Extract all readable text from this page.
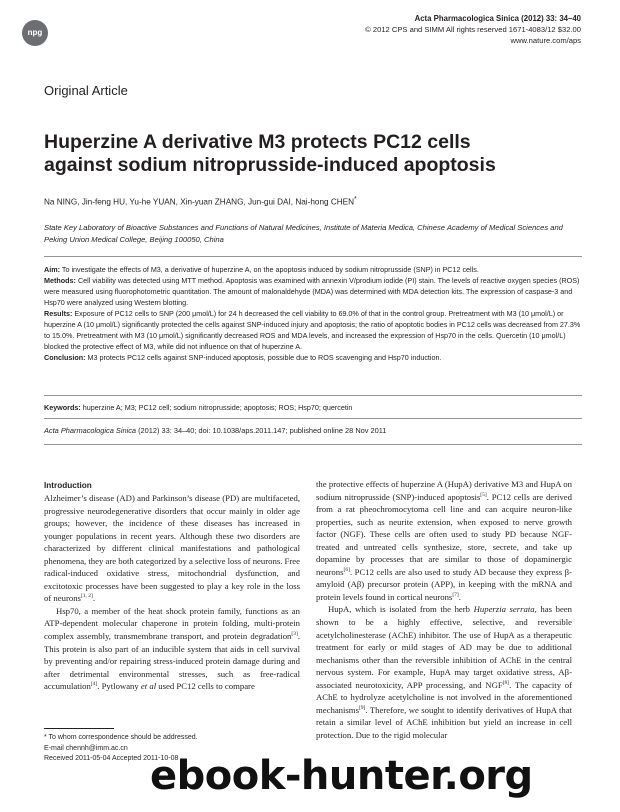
npg
Acta Pharmacologica Sinica (2012) 33: 34–40
© 2012 CPS and SIMM All rights reserved 1671-4083/12 $32.00
www.nature.com/aps
Original Article
Huperzine A derivative M3 protects PC12 cells
against sodium nitroprusside-induced apoptosis
Na NING, Jin-feng HU, Yu-he YUAN, Xin-yuan ZHANG, Jun-gui DAI, Nai-hong CHEN*
State Key Laboratory of Bioactive Substances and Functions of Natural Medicines, Institute of Materia Medica, Chinese Academy of Medical Sciences and Peking Union Medical College, Beijing 100050, China

Aim: To investigate the effects of M3, a derivative of huperzine A, on the apoptosis induced by sodium nitroprusside (SNP) in PC12 cells.

Methods: Cell viability was detected using MTT method. Apoptosis was examined with annexin V/prodium iodide (PI) stain. The levels of reactive oxygen species (ROS) were measured using fluorophotometric quantitation. The amount of malonaldehyde (MDA) was determined with MDA detection kits. The expression of caspase-3 and Hsp70 were analyzed using Western blotting.

Results: Exposure of PC12 cells to SNP (200 μmol/L) for 24 h decreased the cell viability to 69.0% of that in the control group. Pretreatment with M3 (10 μmol/L) or huperzine A (10 μmol/L) significantly protected the cells against SNP-induced injury and apoptosis; the ratio of apoptotic bodies in PC12 cells was decreased from 27.3% to 15.0%. Pretreatment with M3 (10 μmol/L) significantly decreased ROS and MDA levels, and increased the expression of Hsp70 in the cells. Quercetin (10 μmol/L) blocked the protective effect of M3, while did not influence on that of huperzine A.

Conclusion: M3 protects PC12 cells against SNP-induced apoptosis, possible due to ROS scavenging and Hsp70 induction.

Keywords: huperzine A; M3; PC12 cell; sodium nitroprusside; apoptosis; ROS; Hsp70; quercetin
Acta Pharmacologica Sinica (2012) 33: 34–40; doi: 10.1038/aps.2011.147; published online 28 Nov 2011
Introduction

Alzheimer’s disease (AD) and Parkinson’s disease (PD) are multifaceted, progressive neurodegenerative disorders that occur mainly in older age groups; however, the incidence of these diseases has increased in younger populations in recent years. Although these two disorders are characterized by different clinical manifestations and pathological phenomena, they are both categorized by a selective loss of neurons. Free radical-induced oxidative stress, mitochondrial dysfunction, and excitotoxic processes have been suggested to play a key role in the loss of neurons[1, 2].

Hsp70, a member of the heat shock protein family, functions as an ATP-dependent molecular chaperone in protein folding, multi-protein complex assembly, transmembrane transport, and protein degradation[3]. This protein is also part of an inducible system that aids in cell survival by preventing and/or repairing stress-induced protein damage during and after detrimental environmental stresses, such as free-radical accumulation[4]. Pytlowany et al used PC12 cells to compare

the protective effects of huperzine A (HupA) derivative M3 and HupA on sodium nitroprusside (SNP)-induced apoptosis[5]. PC12 cells are derived from a rat pheochromocytoma cell line and can acquire neuron-like properties, such as neurite extension, when exposed to nerve growth factor (NGF). These cells are often used to study PD because NGF-treated and untreated cells synthesize, store, secrete, and take up dopamine by processes that are similar to those of dopaminergic neurons[6]. PC12 cells are also used to study AD because they express β-amyloid (Aβ) precursor protein (APP), in keeping with the mRNA and protein levels found in cortical neurons[7].

HupA, which is isolated from the herb Huperzia serrata, has been shown to be a highly effective, selective, and reversible acetylcholinesterase (AChE) inhibitor. The use of HupA as a therapeutic treatment for early or mild stages of AD may be due to additional mechanisms other than the reversible inhibition of AChE in the central nervous system. For example, HupA may target oxidative stress, Aβ-associated neurotoxicity, APP processing, and NGF[8]. The capacity of AChE to hydrolyze acetylcholine is not involved in the aforementioned mechanisms[9]. Therefore, we sought to identify derivatives of HupA that retain a similar level of AChE inhibition but yield an increase in cell protection. Due to the rigid molecular

* To whom correspondence should be addressed.
E-mail chennh@imm.ac.cn
Received 2011-05-04 Accepted 2011-10-08
ebook-hunter.org
